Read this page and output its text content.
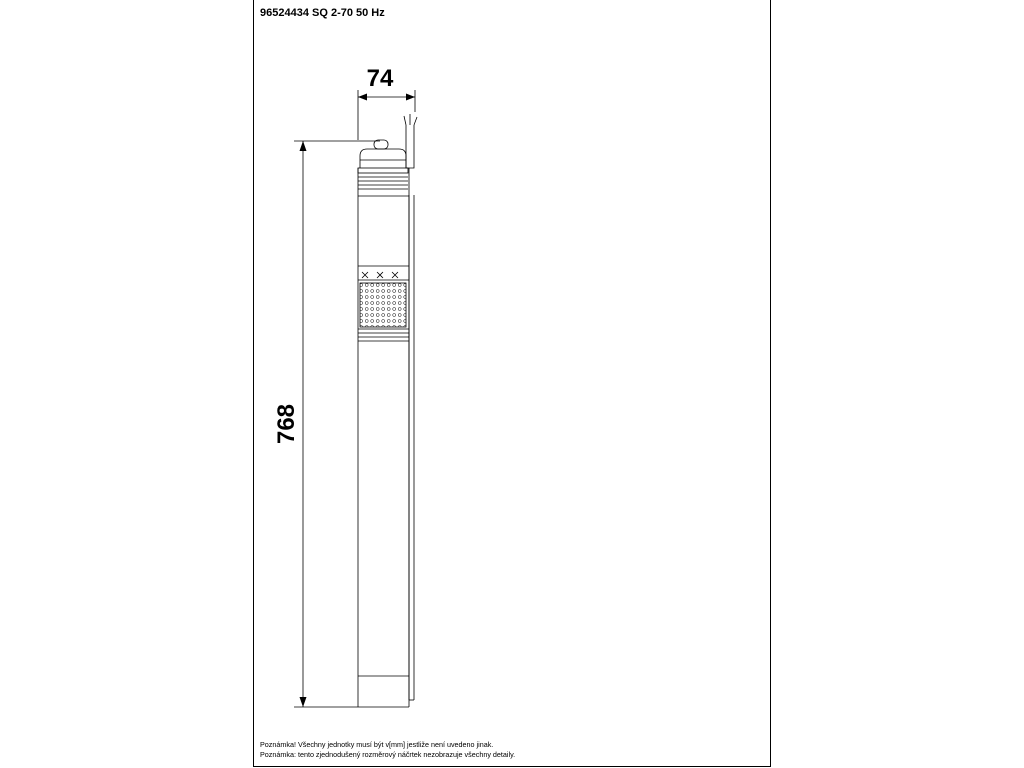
96524434 SQ 2-70 50 Hz
74
768
Poznámka! Všechny jednotky musí být v[mm] jestliže není uvedeno jinak.
Poznámka: tento zjednodušený rozměrový náčrtek nezobrazuje všechny detaily.
